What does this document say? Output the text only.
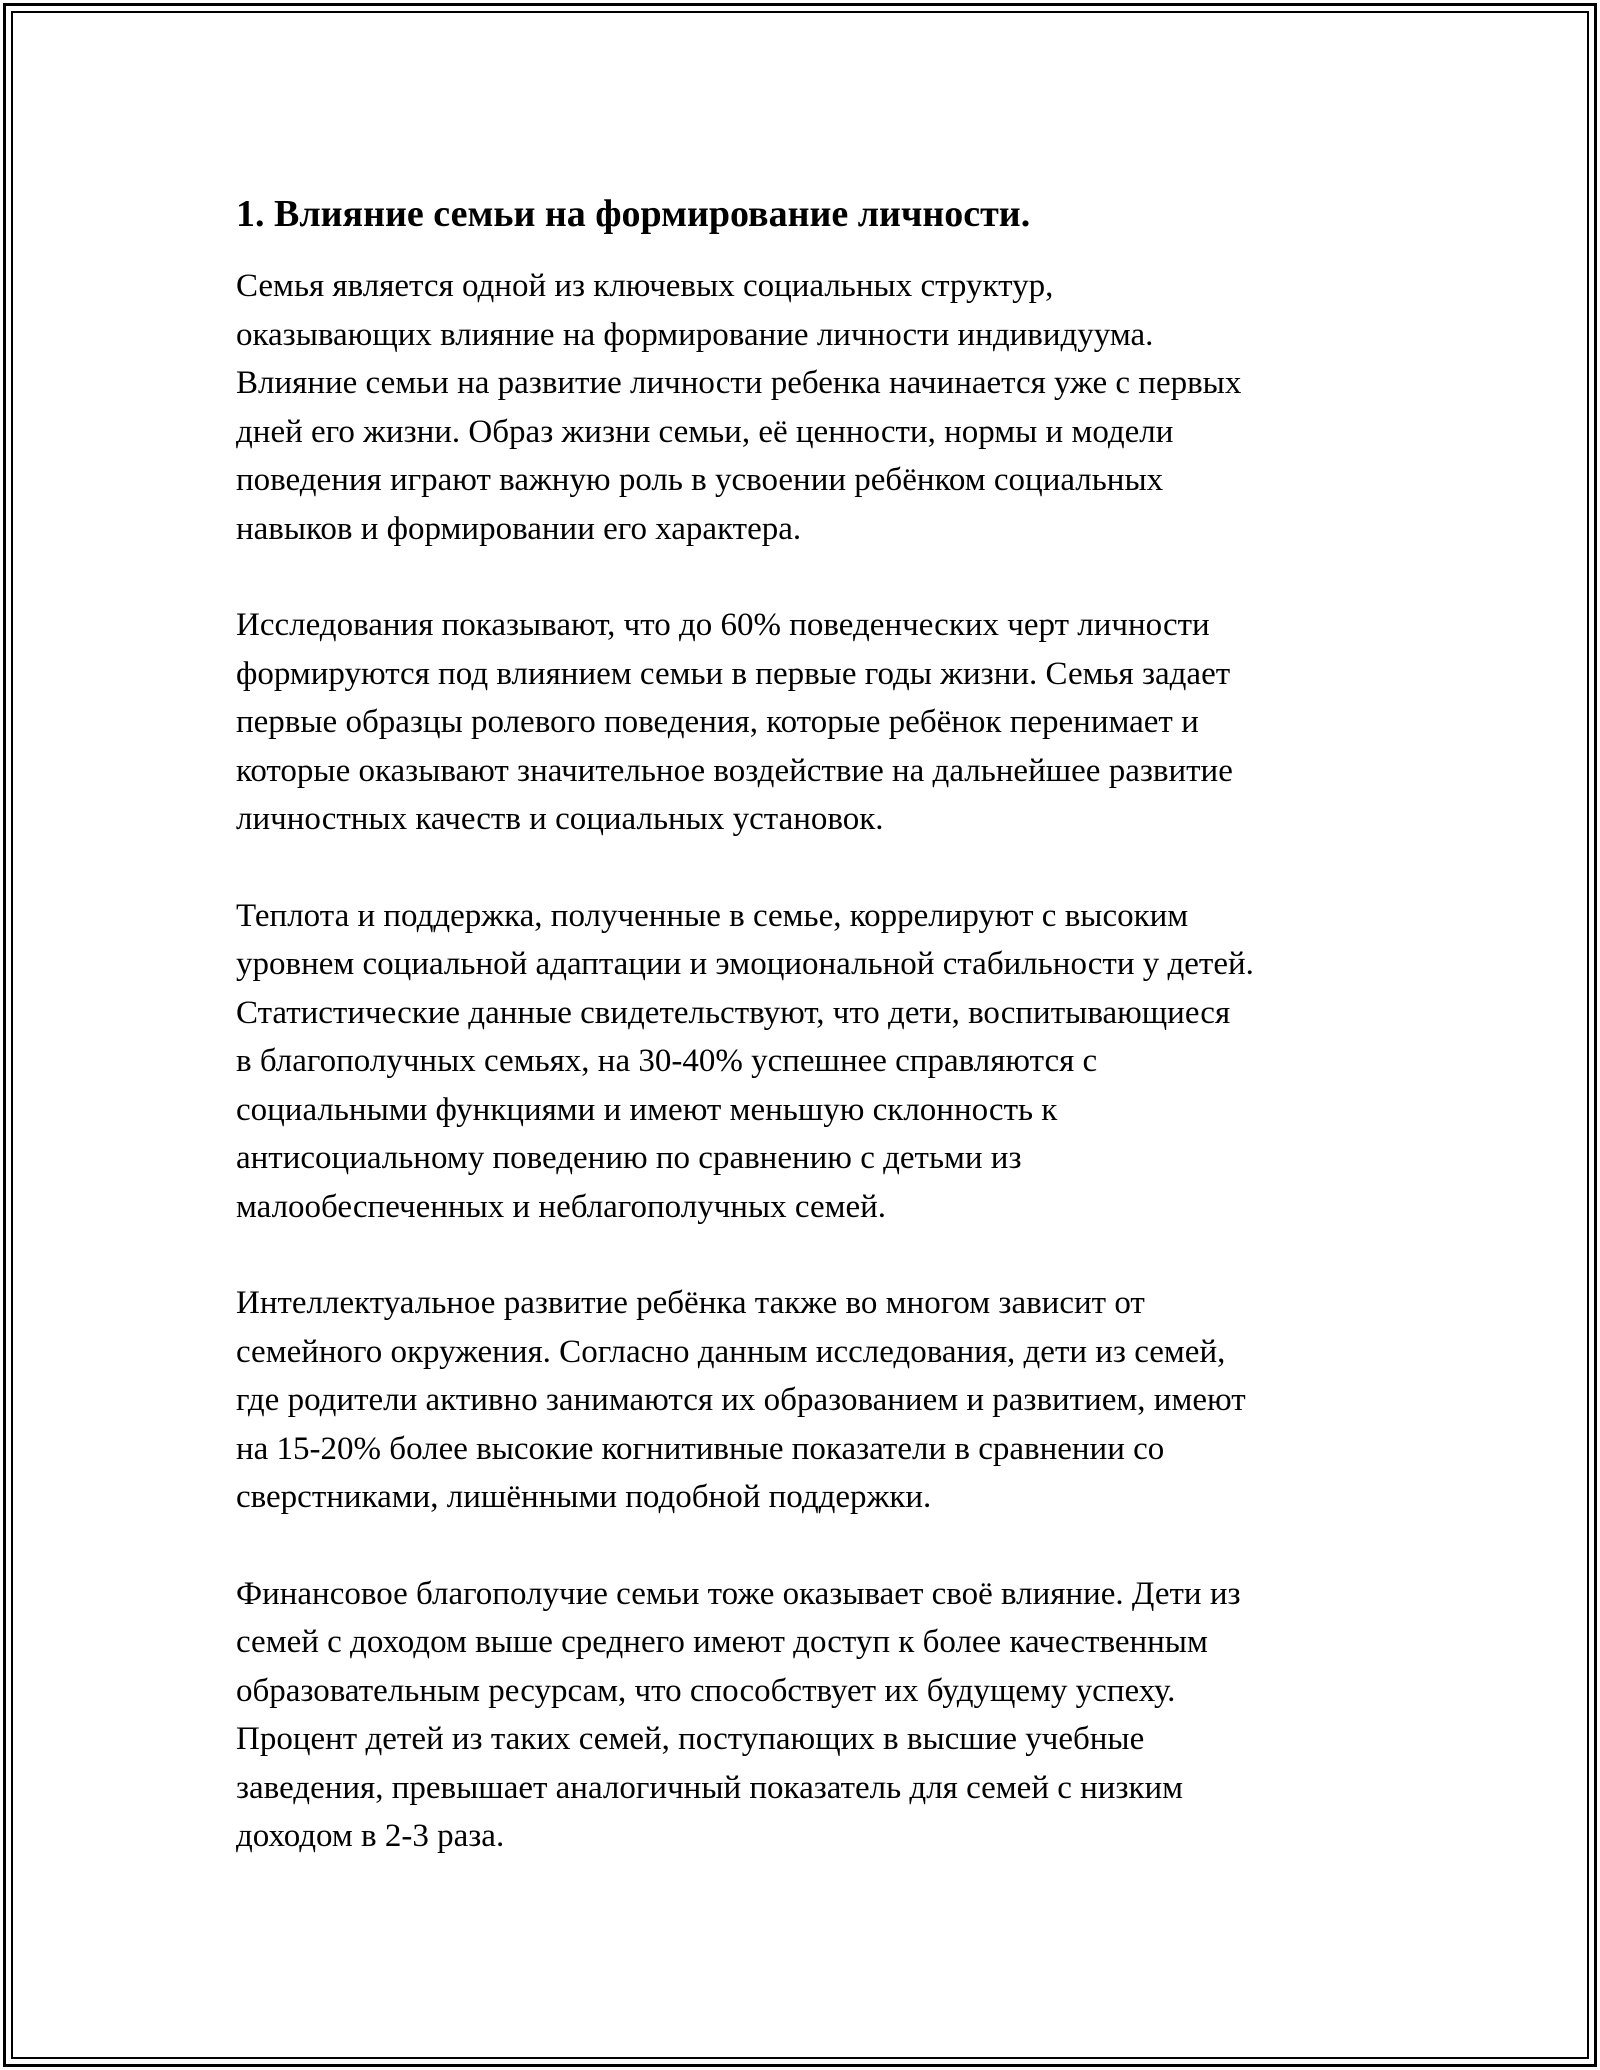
1. Влияние семьи на формирование личности.

Семья является одной из ключевых социальных структур,
оказывающих влияние на формирование личности индивидуума.
Влияние семьи на развитие личности ребенка начинается уже с первых
дней его жизни. Образ жизни семьи, её ценности, нормы и модели
поведения играют важную роль в усвоении ребёнком социальных
навыков и формировании его характера.

Исследования показывают, что до 60% поведенческих черт личности
формируются под влиянием семьи в первые годы жизни. Семья задает
первые образцы ролевого поведения, которые ребёнок перенимает и
которые оказывают значительное воздействие на дальнейшее развитие
личностных качеств и социальных установок.

Теплота и поддержка, полученные в семье, коррелируют с высоким
уровнем социальной адаптации и эмоциональной стабильности у детей.
Статистические данные свидетельствуют, что дети, воспитывающиеся
в благополучных семьях, на 30-40% успешнее справляются с
социальными функциями и имеют меньшую склонность к
антисоциальному поведению по сравнению с детьми из
малообеспеченных и неблагополучных семей.

Интеллектуальное развитие ребёнка также во многом зависит от
семейного окружения. Согласно данным исследования, дети из семей,
где родители активно занимаются их образованием и развитием, имеют
на 15-20% более высокие когнитивные показатели в сравнении со
сверстниками, лишёнными подобной поддержки.

Финансовое благополучие семьи тоже оказывает своё влияние. Дети из
семей с доходом выше среднего имеют доступ к более качественным
образовательным ресурсам, что способствует их будущему успеху.
Процент детей из таких семей, поступающих в высшие учебные
заведения, превышает аналогичный показатель для семей с низким
доходом в 2-3 раза.
